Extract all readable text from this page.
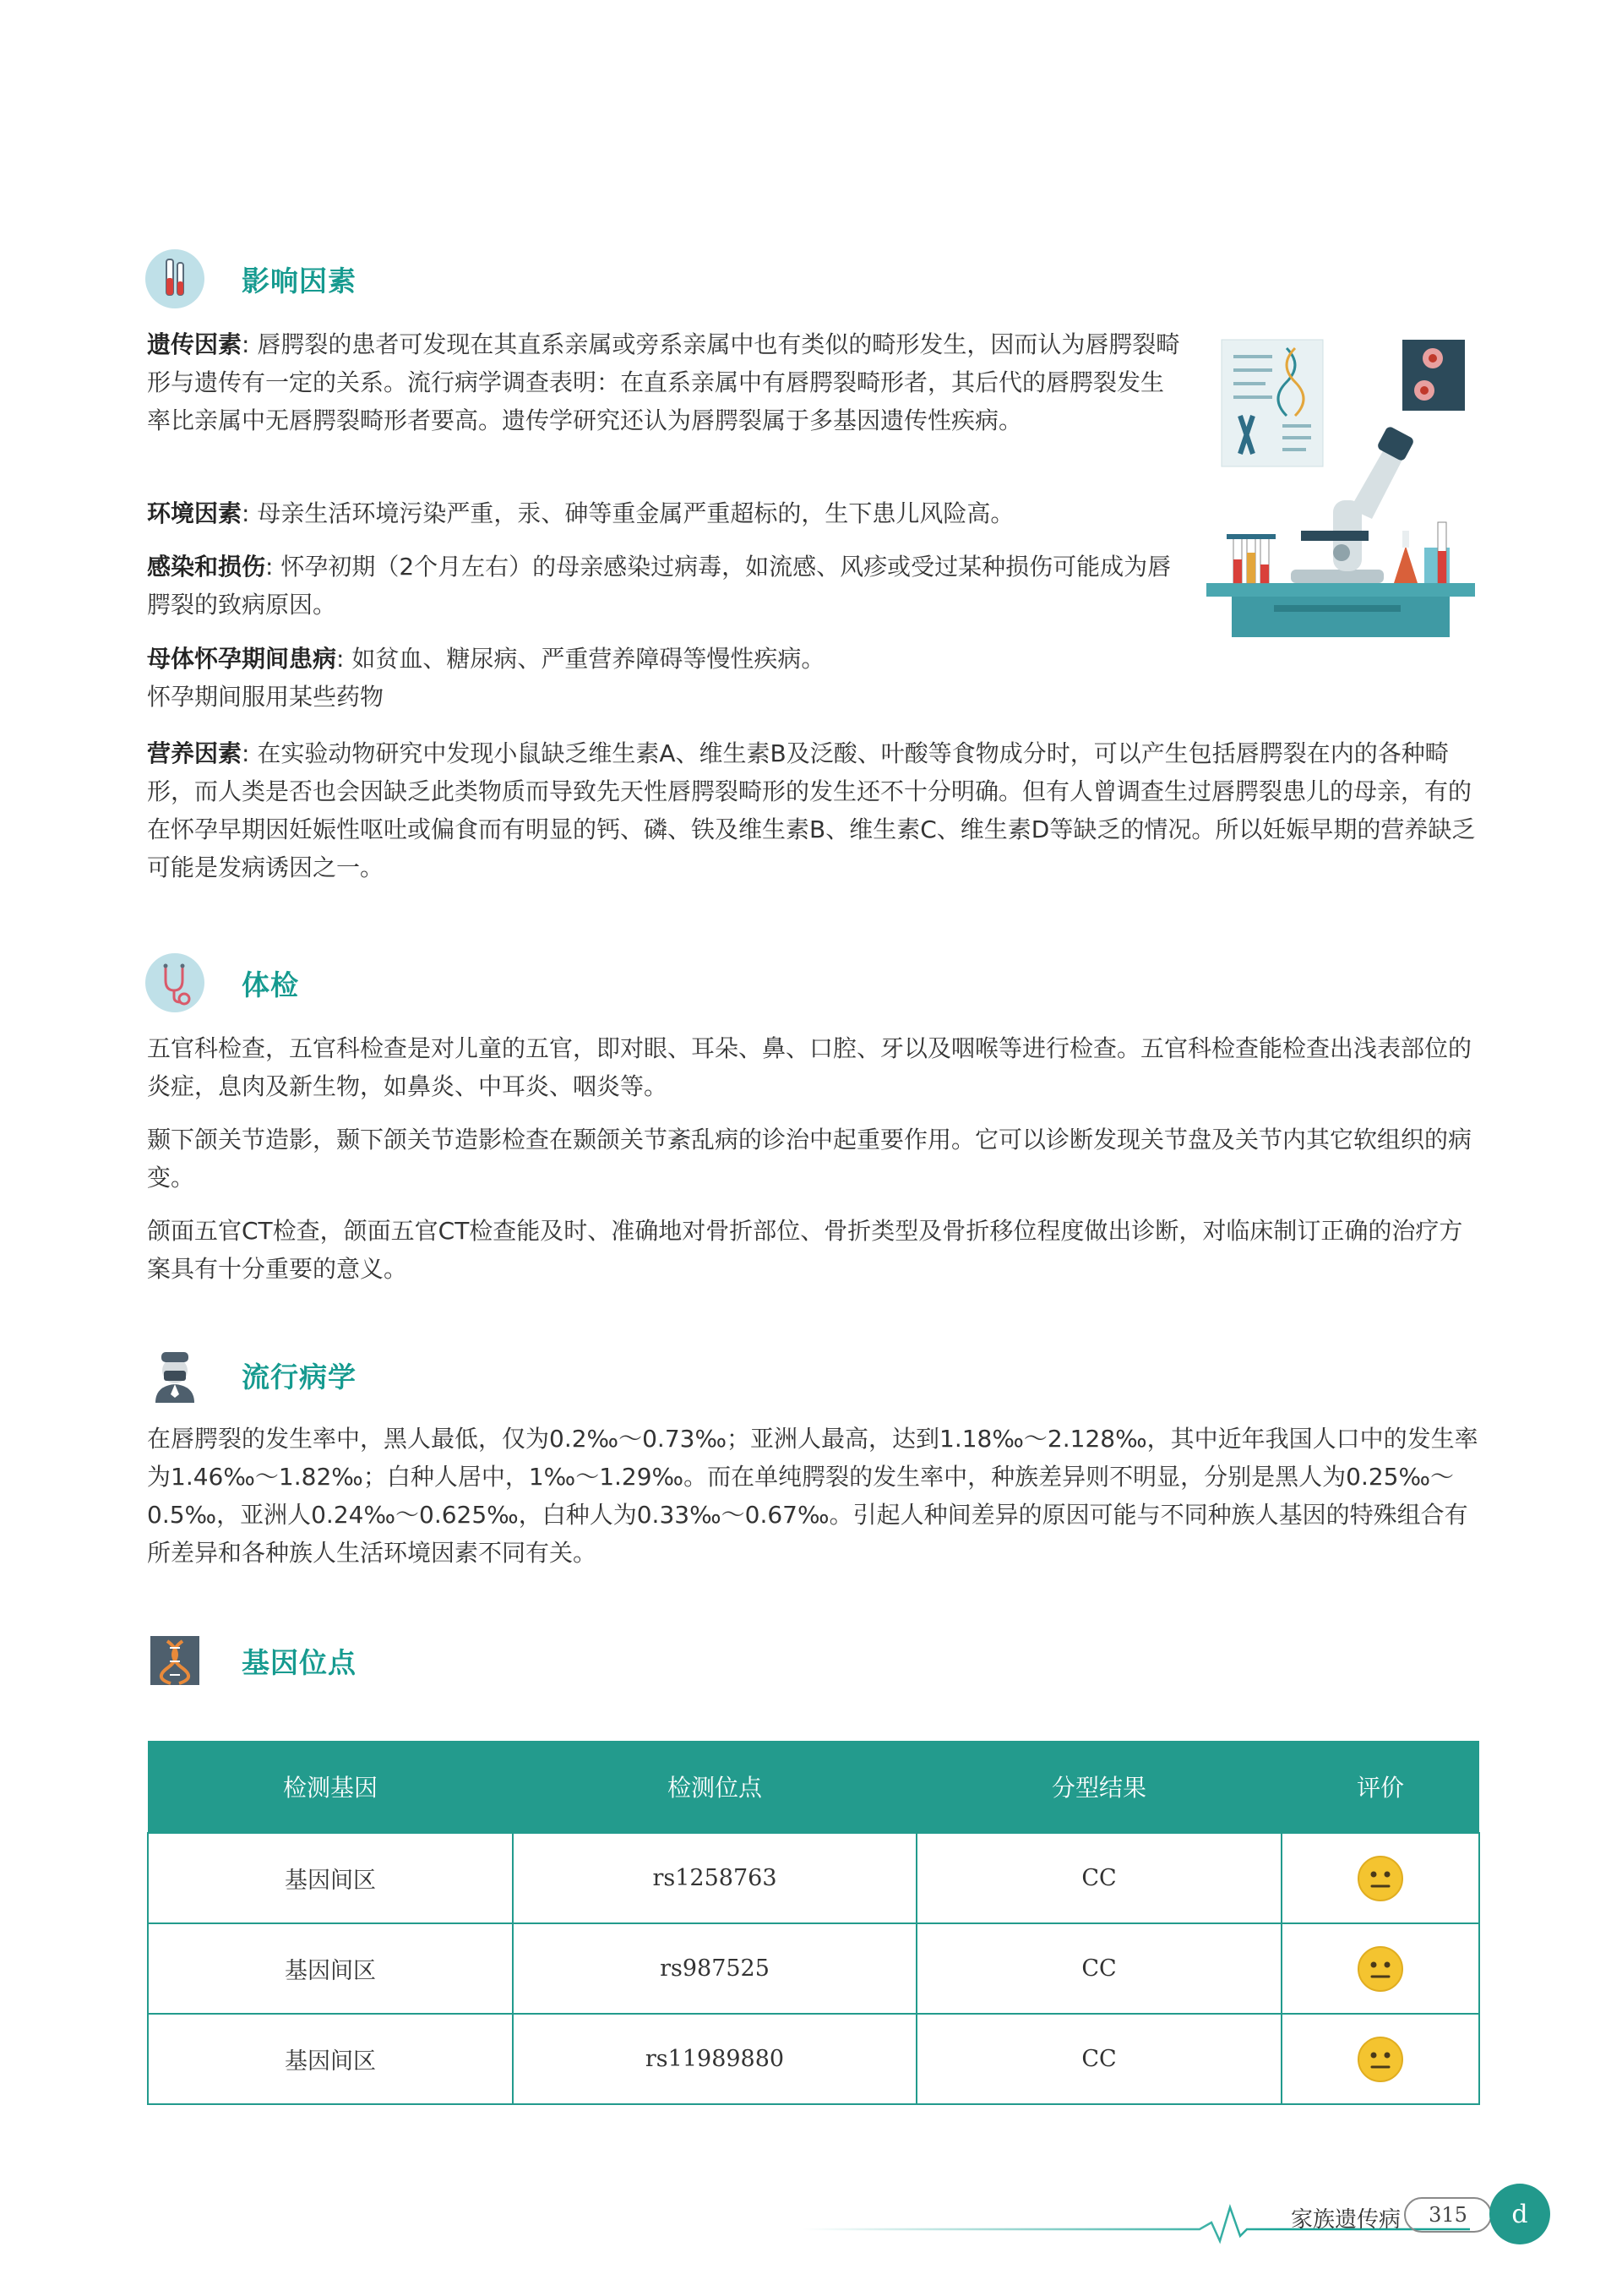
影响因素

遗传因素: 唇腭裂的患者可发现在其直系亲属或旁系亲属中也有类似的畸形发生，因而认为唇腭裂畸形与遗传有一定的关系。流行病学调查表明：在直系亲属中有唇腭裂畸形者，其后代的唇腭裂发生率比亲属中无唇腭裂畸形者要高。遗传学研究还认为唇腭裂属于多基因遗传性疾病。

环境因素: 母亲生活环境污染严重，汞、砷等重金属严重超标的，生下患儿风险高。

感染和损伤: 怀孕初期（2个月左右）的母亲感染过病毒，如流感、风疹或受过某种损伤可能成为唇腭裂的致病原因。

母体怀孕期间患病: 如贫血、糖尿病、严重营养障碍等慢性疾病。
怀孕期间服用某些药物

营养因素: 在实验动物研究中发现小鼠缺乏维生素A、维生素B及泛酸、叶酸等食物成分时，可以产生包括唇腭裂在内的各种畸形，而人类是否也会因缺乏此类物质而导致先天性唇腭裂畸形的发生还不十分明确。但有人曾调查生过唇腭裂患儿的母亲，有的在怀孕早期因妊娠性呕吐或偏食而有明显的钙、磷、铁及维生素B、维生素C、维生素D等缺乏的情况。所以妊娠早期的营养缺乏可能是发病诱因之一。

体检

五官科检查，五官科检查是对儿童的五官，即对眼、耳朵、鼻、口腔、牙以及咽喉等进行检查。五官科检查能检查出浅表部位的炎症，息肉及新生物，如鼻炎、中耳炎、咽炎等。

颞下颌关节造影，颞下颌关节造影检查在颞颌关节紊乱病的诊治中起重要作用。它可以诊断发现关节盘及关节内其它软组织的病变。

颌面五官CT检查，颌面五官CT检查能及时、准确地对骨折部位、骨折类型及骨折移位程度做出诊断，对临床制订正确的治疗方案具有十分重要的意义。

流行病学

在唇腭裂的发生率中，黑人最低，仅为0.2‰～0.73‰；亚洲人最高，达到1.18‰～2.128‰，其中近年我国人口中的发生率为1.46‰～1.82‰；白种人居中，1‰～1.29‰。而在单纯腭裂的发生率中，种族差异则不明显，分别是黑人为0.25‰～0.5‰，亚洲人0.24‰～0.625‰，白种人为0.33‰～0.67‰。引起人种间差异的原因可能与不同种族人基因的特殊组合有所差异和各种族人生活环境因素不同有关。

基因位点
检测基因	检测位点	分型结果	评价
基因间区	rs1258763	CC	
基因间区	rs987525	CC	
基因间区	rs11989880	CC	
家族遗传病	315	d
